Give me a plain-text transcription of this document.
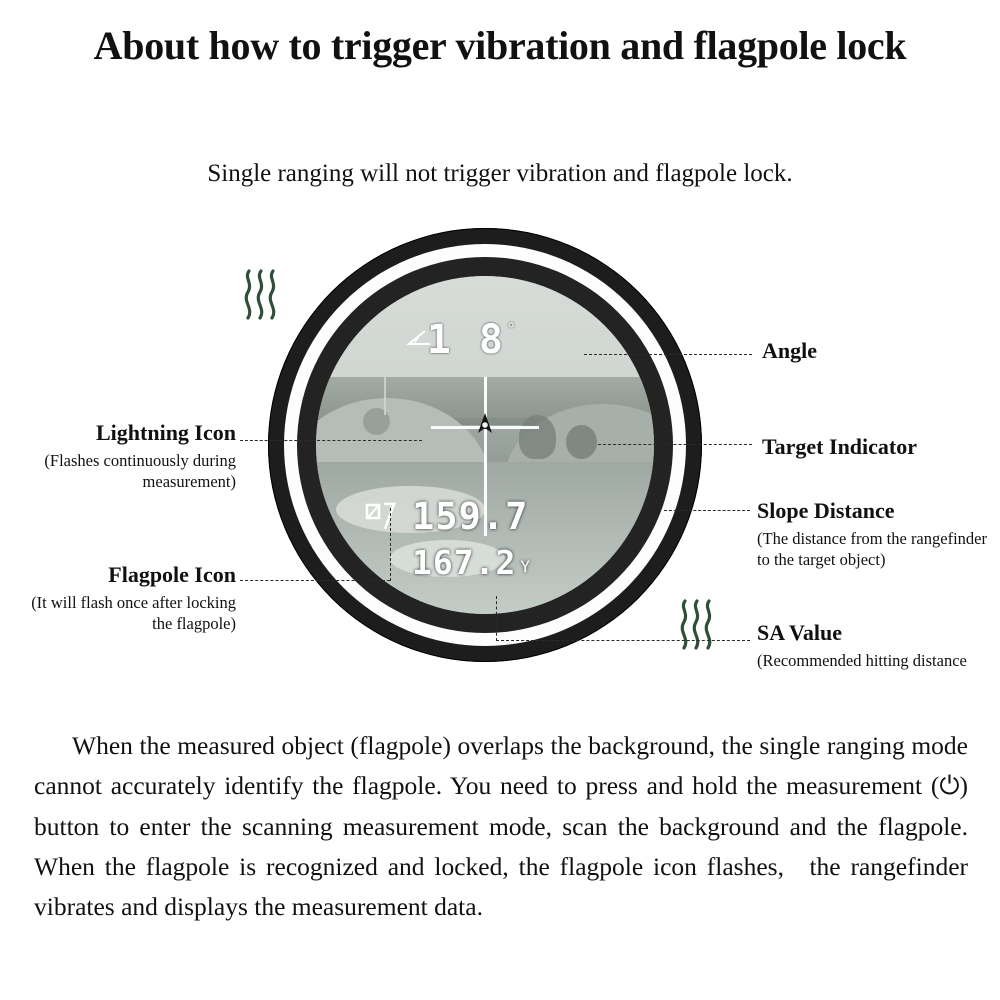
About how to trigger vibration and flagpole lock
Single ranging will not trigger vibration and flagpole lock.
1 8 °
159.7
167.2 Y
Lightning Icon
(Flashes continuously during measurement)
Flagpole Icon
(It will flash once after locking the flagpole)
Angle
Target Indicator
Slope Distance
(The distance from the rangefinder to the target object)
SA Value
(Recommended hitting distance
When the measured object (flagpole) overlaps the background, the single ranging mode cannot accurately identify the flagpole. You need to press and hold the measurement (⏻) button to enter the scanning measurement mode, scan the background and the flagpole. When the flagpole is recognized and locked, the flagpole icon flashes, the rangefinder vibrates and displays the measurement data.
